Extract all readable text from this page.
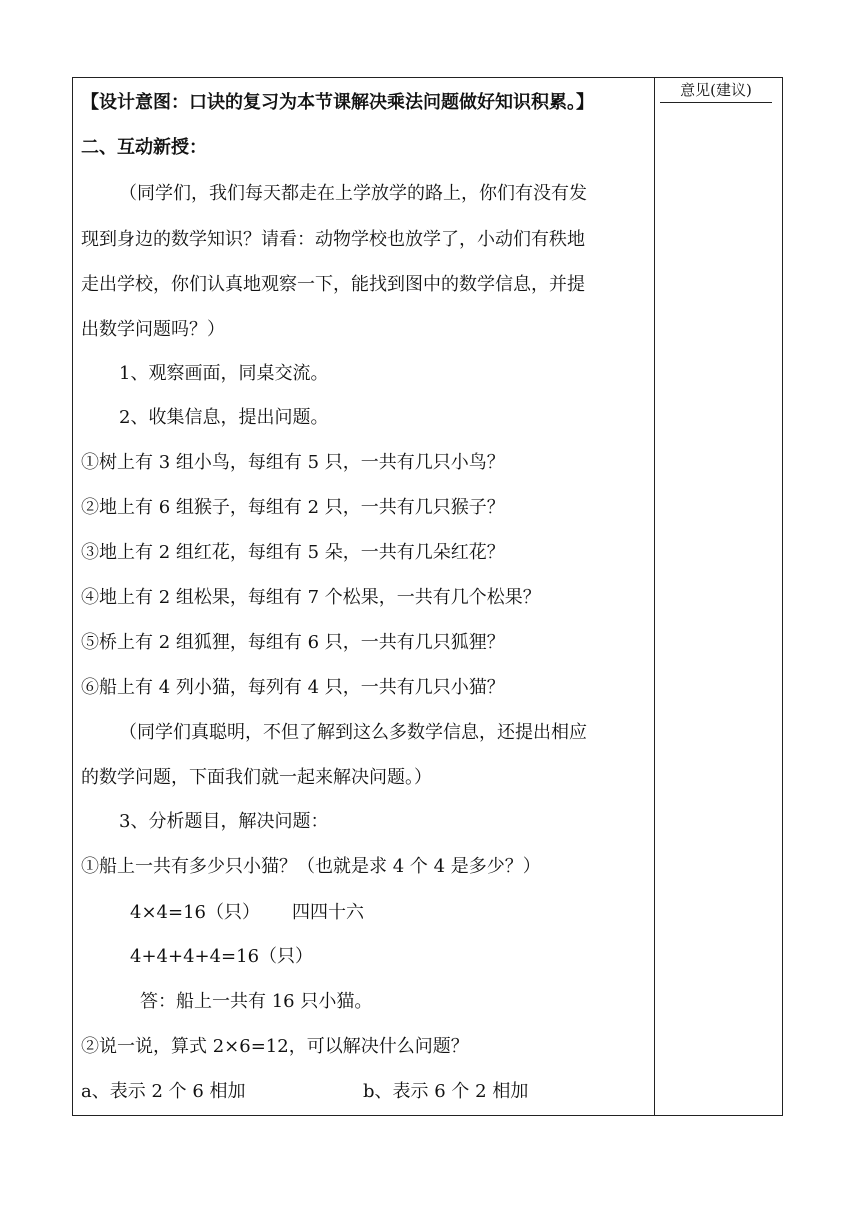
【设计意图：口诀的复习为本节课解决乘法问题做好知识积累。】
二、互动新授：
（同学们，我们每天都走在上学放学的路上，你们有没有发
现到身边的数学知识？请看：动物学校也放学了，小动们有秩地
走出学校，你们认真地观察一下，能找到图中的数学信息，并提
出数学问题吗？）
1、观察画面，同桌交流。
2、收集信息，提出问题。
①树上有 3 组小鸟，每组有 5 只，一共有几只小鸟？
②地上有 6 组猴子，每组有 2 只，一共有几只猴子？
③地上有 2 组红花，每组有 5 朵，一共有几朵红花？
④地上有 2 组松果，每组有 7 个松果，一共有几个松果？
⑤桥上有 2 组狐狸，每组有 6 只，一共有几只狐狸？
⑥船上有 4 列小猫，每列有 4 只，一共有几只小猫？
（同学们真聪明，不但了解到这么多数学信息，还提出相应
的数学问题，下面我们就一起来解决问题。）
3、分析题目，解决问题：
①船上一共有多少只小猫？（也就是求 4 个 4 是多少？）
4×4=16（只） 四四十六
4+4+4+4=16（只）
答：船上一共有 16 只小猫。
②说一说，算式 2×6=12，可以解决什么问题？
a、表示 2 个 6 相加	b、表示 6 个 2 相加
意见(建议)
